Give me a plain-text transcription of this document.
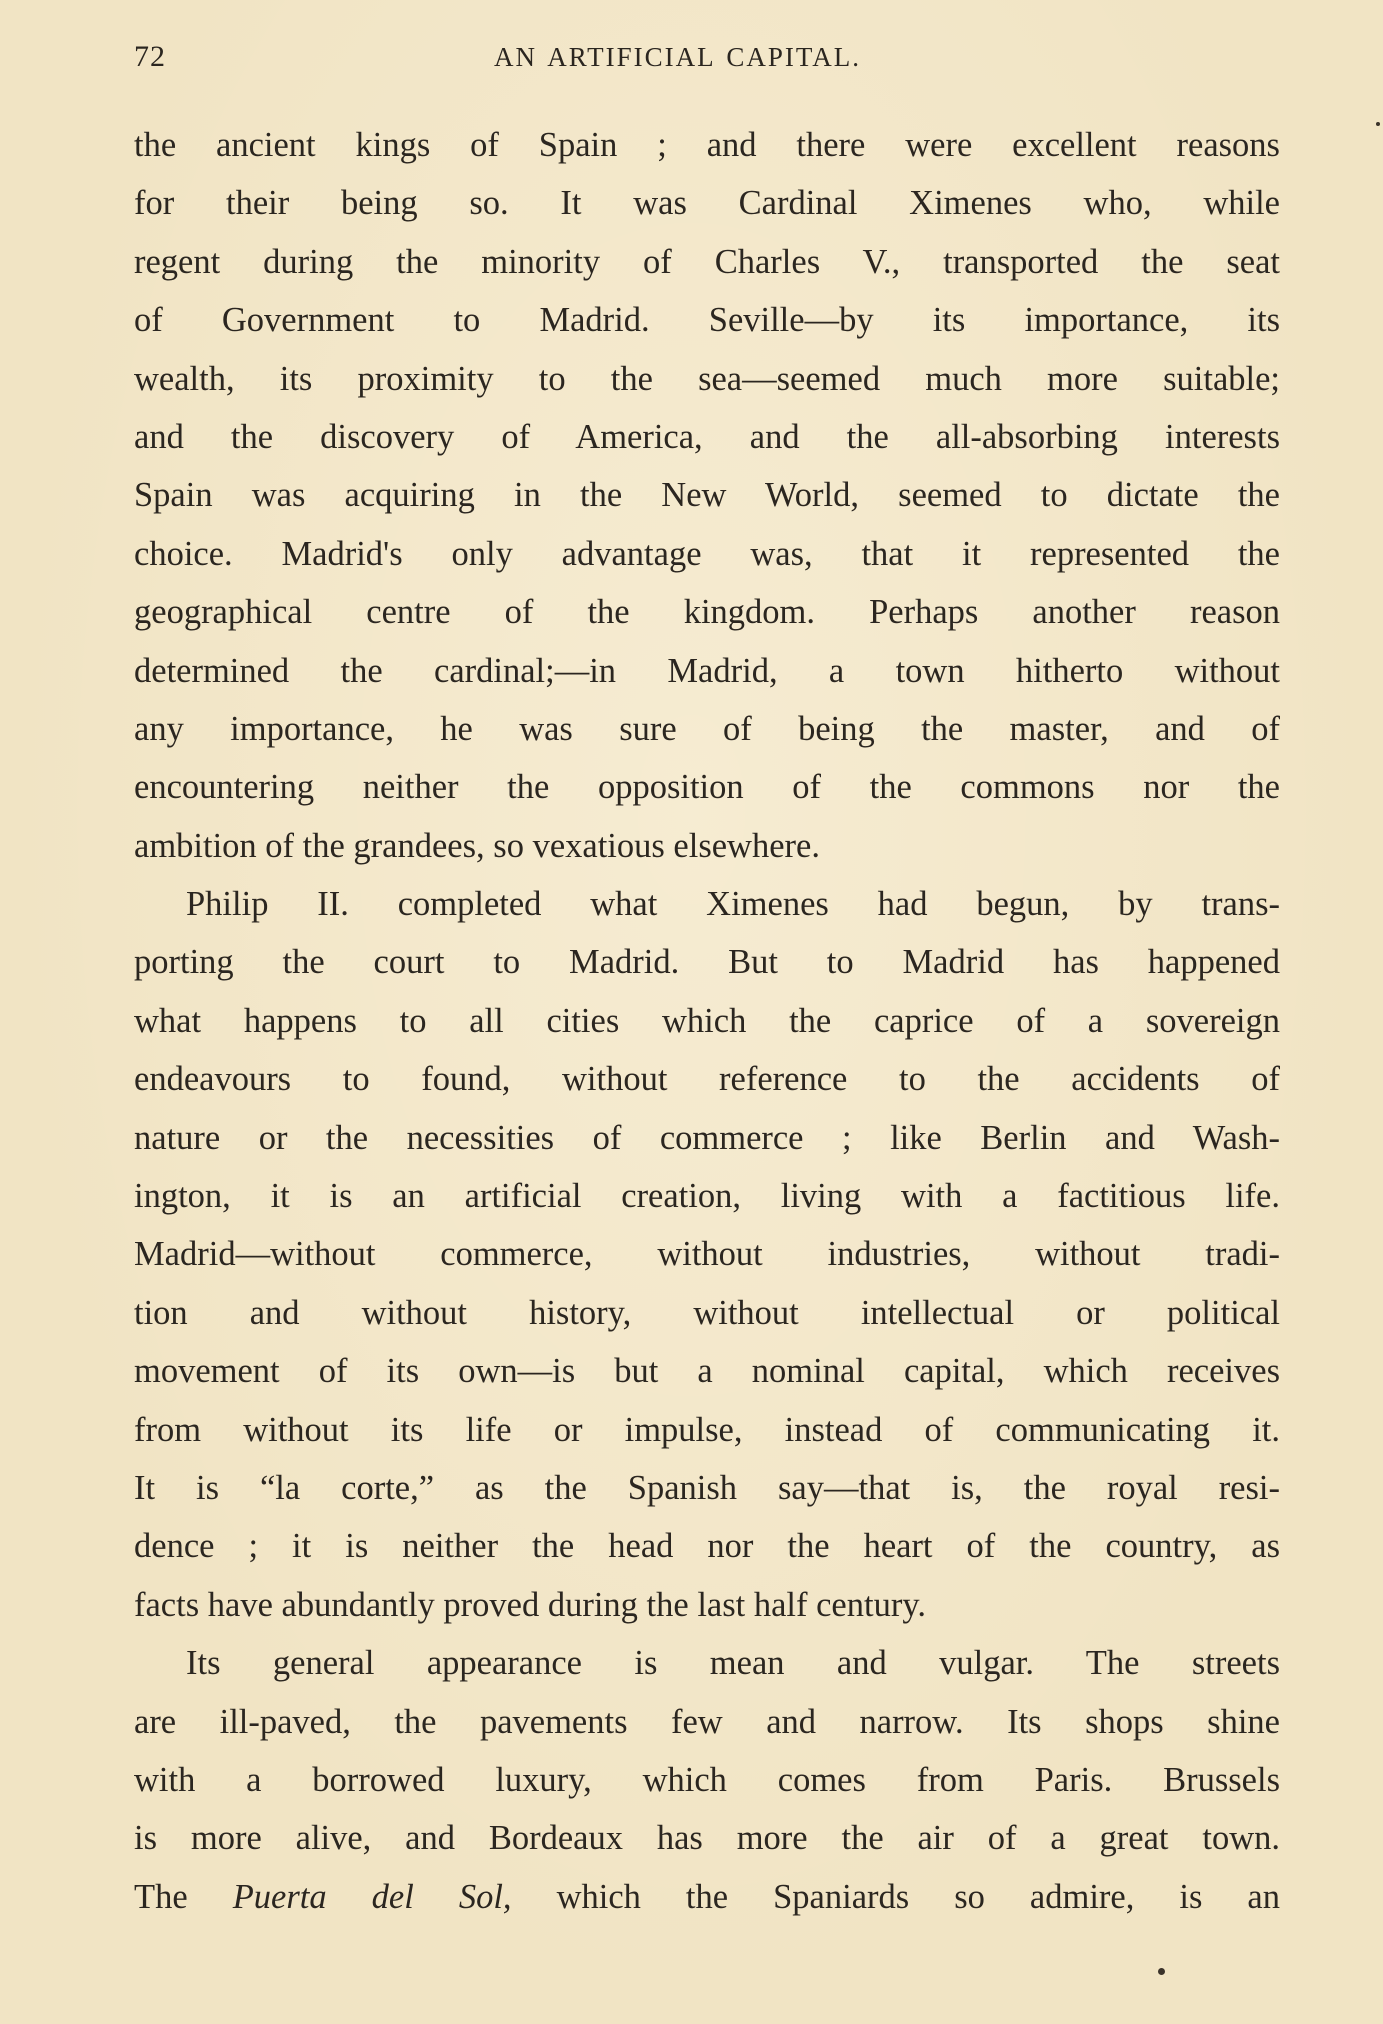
72	AN ARTIFICIAL CAPITAL.
the ancient kings of Spain ; and there were excellent reasons
for their being so. It was Cardinal Ximenes who, while
regent during the minority of Charles V., transported the seat
of Government to Madrid. Seville—by its importance, its
wealth, its proximity to the sea—seemed much more suitable;
and the discovery of America, and the all-absorbing interests
Spain was acquiring in the New World, seemed to dictate the
choice. Madrid's only advantage was, that it represented the
geographical centre of the kingdom. Perhaps another reason
determined the cardinal;—in Madrid, a town hitherto without
any importance, he was sure of being the master, and of
encountering neither the opposition of the commons nor the
ambition of the grandees, so vexatious elsewhere.
Philip II. completed what Ximenes had begun, by trans-
porting the court to Madrid. But to Madrid has happened
what happens to all cities which the caprice of a sovereign
endeavours to found, without reference to the accidents of
nature or the necessities of commerce ; like Berlin and Wash-
ington, it is an artificial creation, living with a factitious life.
Madrid—without commerce, without industries, without tradi-
tion and without history, without intellectual or political
movement of its own—is but a nominal capital, which receives
from without its life or impulse, instead of communicating it.
It is “la corte,” as the Spanish say—that is, the royal resi-
dence ; it is neither the head nor the heart of the country, as
facts have abundantly proved during the last half century.
Its general appearance is mean and vulgar. The streets
are ill-paved, the pavements few and narrow. Its shops shine
with a borrowed luxury, which comes from Paris. Brussels
is more alive, and Bordeaux has more the air of a great town.
The Puerta del Sol, which the Spaniards so admire, is an
